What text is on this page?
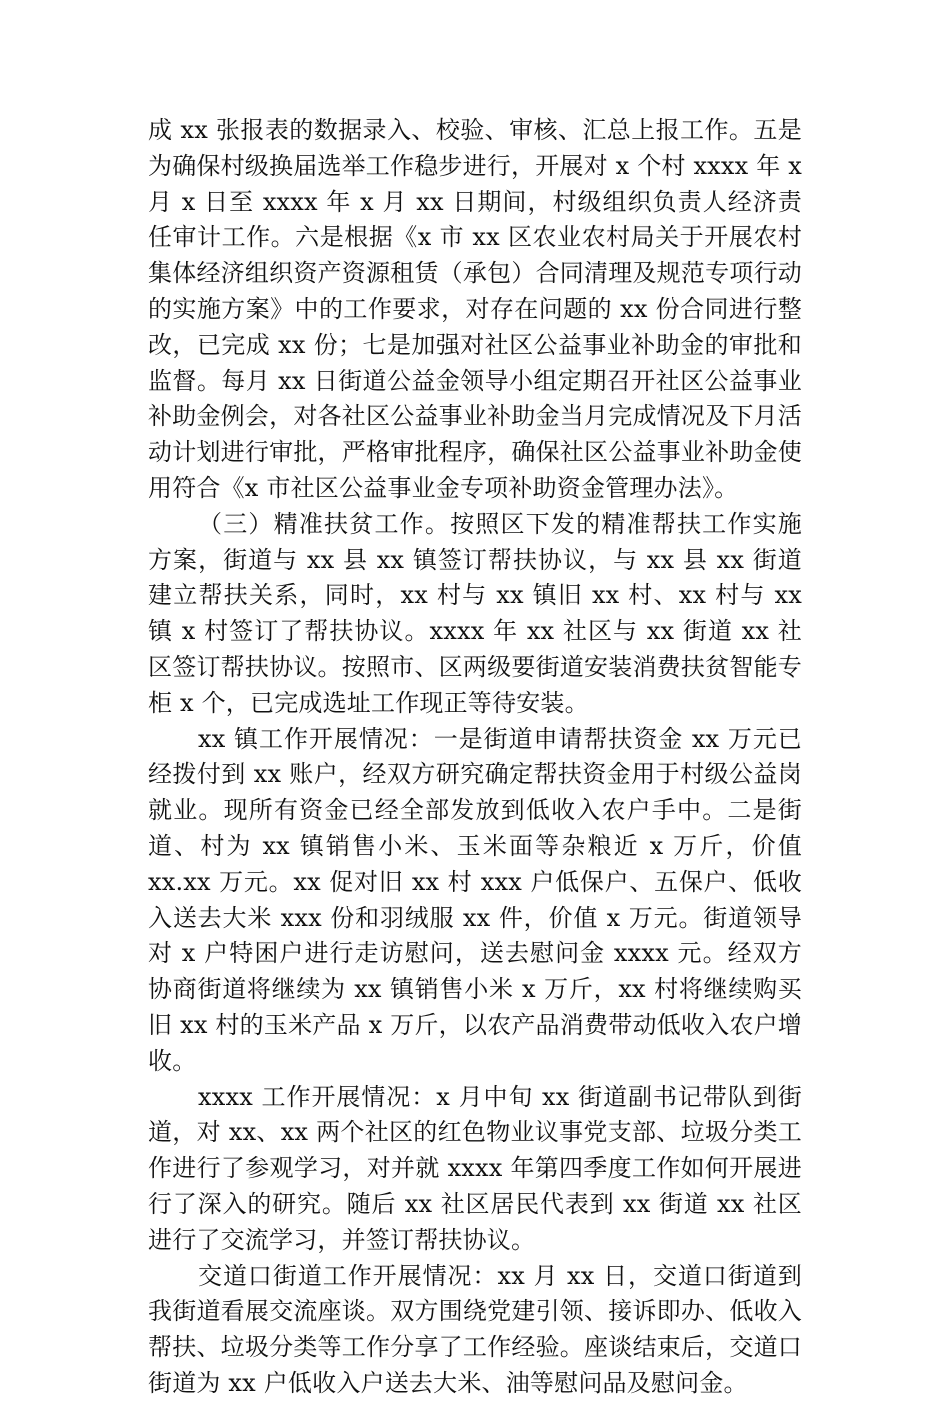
成 xx 张报表的数据录入、校验、审核、汇总上报工作。五是为确保村级换届选举工作稳步进行，开展对 x 个村 xxxx 年 x 月 x 日至 xxxx 年 x 月 xx 日期间，村级组织负责人经济责任审计工作。六是根据《x 市 xx 区农业农村局关于开展农村集体经济组织资产资源租赁（承包）合同清理及规范专项行动的实施方案》中的工作要求，对存在问题的 xx 份合同进行整改，已完成 xx 份；七是加强对社区公益事业补助金的审批和监督。每月 xx 日街道公益金领导小组定期召开社区公益事业补助金例会，对各社区公益事业补助金当月完成情况及下月活动计划进行审批，严格审批程序，确保社区公益事业补助金使用符合《x 市社区公益事业金专项补助资金管理办法》。

（三）精准扶贫工作。按照区下发的精准帮扶工作实施方案，街道与 xx 县 xx 镇签订帮扶协议，与 xx 县 xx 街道建立帮扶关系，同时，xx 村与 xx 镇旧 xx 村、xx 村与 xx 镇 x 村签订了帮扶协议。xxxx 年 xx 社区与 xx 街道 xx 社区签订帮扶协议。按照市、区两级要街道安装消费扶贫智能专柜 x 个，已完成选址工作现正等待安装。

xx 镇工作开展情况：一是街道申请帮扶资金 xx 万元已经拨付到 xx 账户，经双方研究确定帮扶资金用于村级公益岗就业。现所有资金已经全部发放到低收入农户手中。二是街道、村为 xx 镇销售小米、玉米面等杂粮近 x 万斤，价值 xx.xx 万元。xx 促对旧 xx 村 xxx 户低保户、五保户、低收入送去大米 xxx 份和羽绒服 xx 件，价值 x 万元。街道领导对 x 户特困户进行走访慰问，送去慰问金 xxxx 元。经双方协商街道将继续为 xx 镇销售小米 x 万斤，xx 村将继续购买旧 xx 村的玉米产品 x 万斤，以农产品消费带动低收入农户增收。

xxxx 工作开展情况：x 月中旬 xx 街道副书记带队到街道，对 xx、xx 两个社区的红色物业议事党支部、垃圾分类工作进行了参观学习，对并就 xxxx 年第四季度工作如何开展进行了深入的研究。随后 xx 社区居民代表到 xx 街道 xx 社区进行了交流学习，并签订帮扶协议。

交道口街道工作开展情况：xx 月 xx 日，交道口街道到我街道看展交流座谈。双方围绕党建引领、接诉即办、低收入帮扶、垃圾分类等工作分享了工作经验。座谈结束后，交道口街道为 xx 户低收入户送去大米、油等慰问品及慰问金。
